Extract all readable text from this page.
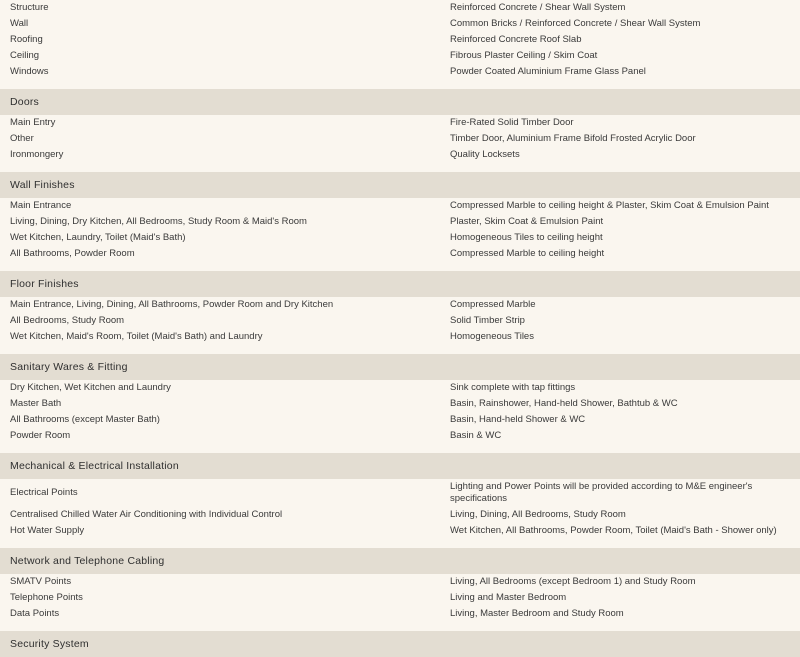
Structure	Reinforced Concrete / Shear Wall System
Wall	Common Bricks / Reinforced Concrete / Shear Wall System
Roofing	Reinforced Concrete Roof Slab
Ceiling	Fibrous Plaster Ceiling / Skim Coat
Windows	Powder Coated Aluminium Frame Glass Panel

Doors	
Main Entry	Fire-Rated Solid Timber Door
Other	Timber Door, Aluminium Frame Bifold Frosted Acrylic Door
Ironmongery	Quality Locksets

Wall Finishes	
Main Entrance	Compressed Marble to ceiling height & Plaster, Skim Coat & Emulsion Paint
Living, Dining, Dry Kitchen, All Bedrooms, Study Room & Maid's Room	Plaster, Skim Coat & Emulsion Paint
Wet Kitchen, Laundry, Toilet (Maid's Bath)	Homogeneous Tiles to ceiling height
All Bathrooms, Powder Room	Compressed Marble to ceiling height

Floor Finishes	
Main Entrance, Living, Dining, All Bathrooms, Powder Room and Dry Kitchen	Compressed Marble
All Bedrooms, Study Room	Solid Timber Strip
Wet Kitchen, Maid's Room, Toilet (Maid's Bath) and Laundry	Homogeneous Tiles

Sanitary Wares & Fitting	
Dry Kitchen, Wet Kitchen and Laundry	Sink complete with tap fittings
Master Bath	Basin, Rainshower, Hand-held Shower, Bathtub & WC
All Bathrooms (except Master Bath)	Basin, Hand-held Shower & WC
Powder Room	Basin & WC

Mechanical & Electrical Installation	
Electrical Points	Lighting and Power Points will be provided according to M&E engineer's specifications
Centralised Chilled Water Air Conditioning with Individual Control	Living, Dining, All Bedrooms, Study Room
Hot Water Supply	Wet Kitchen, All Bathrooms, Powder Room, Toilet (Maid's Bath - Shower only)

Network and Telephone Cabling	
SMATV Points	Living, All Bedrooms (except Bedroom 1) and Study Room
Telephone Points	Living and Master Bedroom
Data Points	Living, Master Bedroom and Study Room

Security System	
